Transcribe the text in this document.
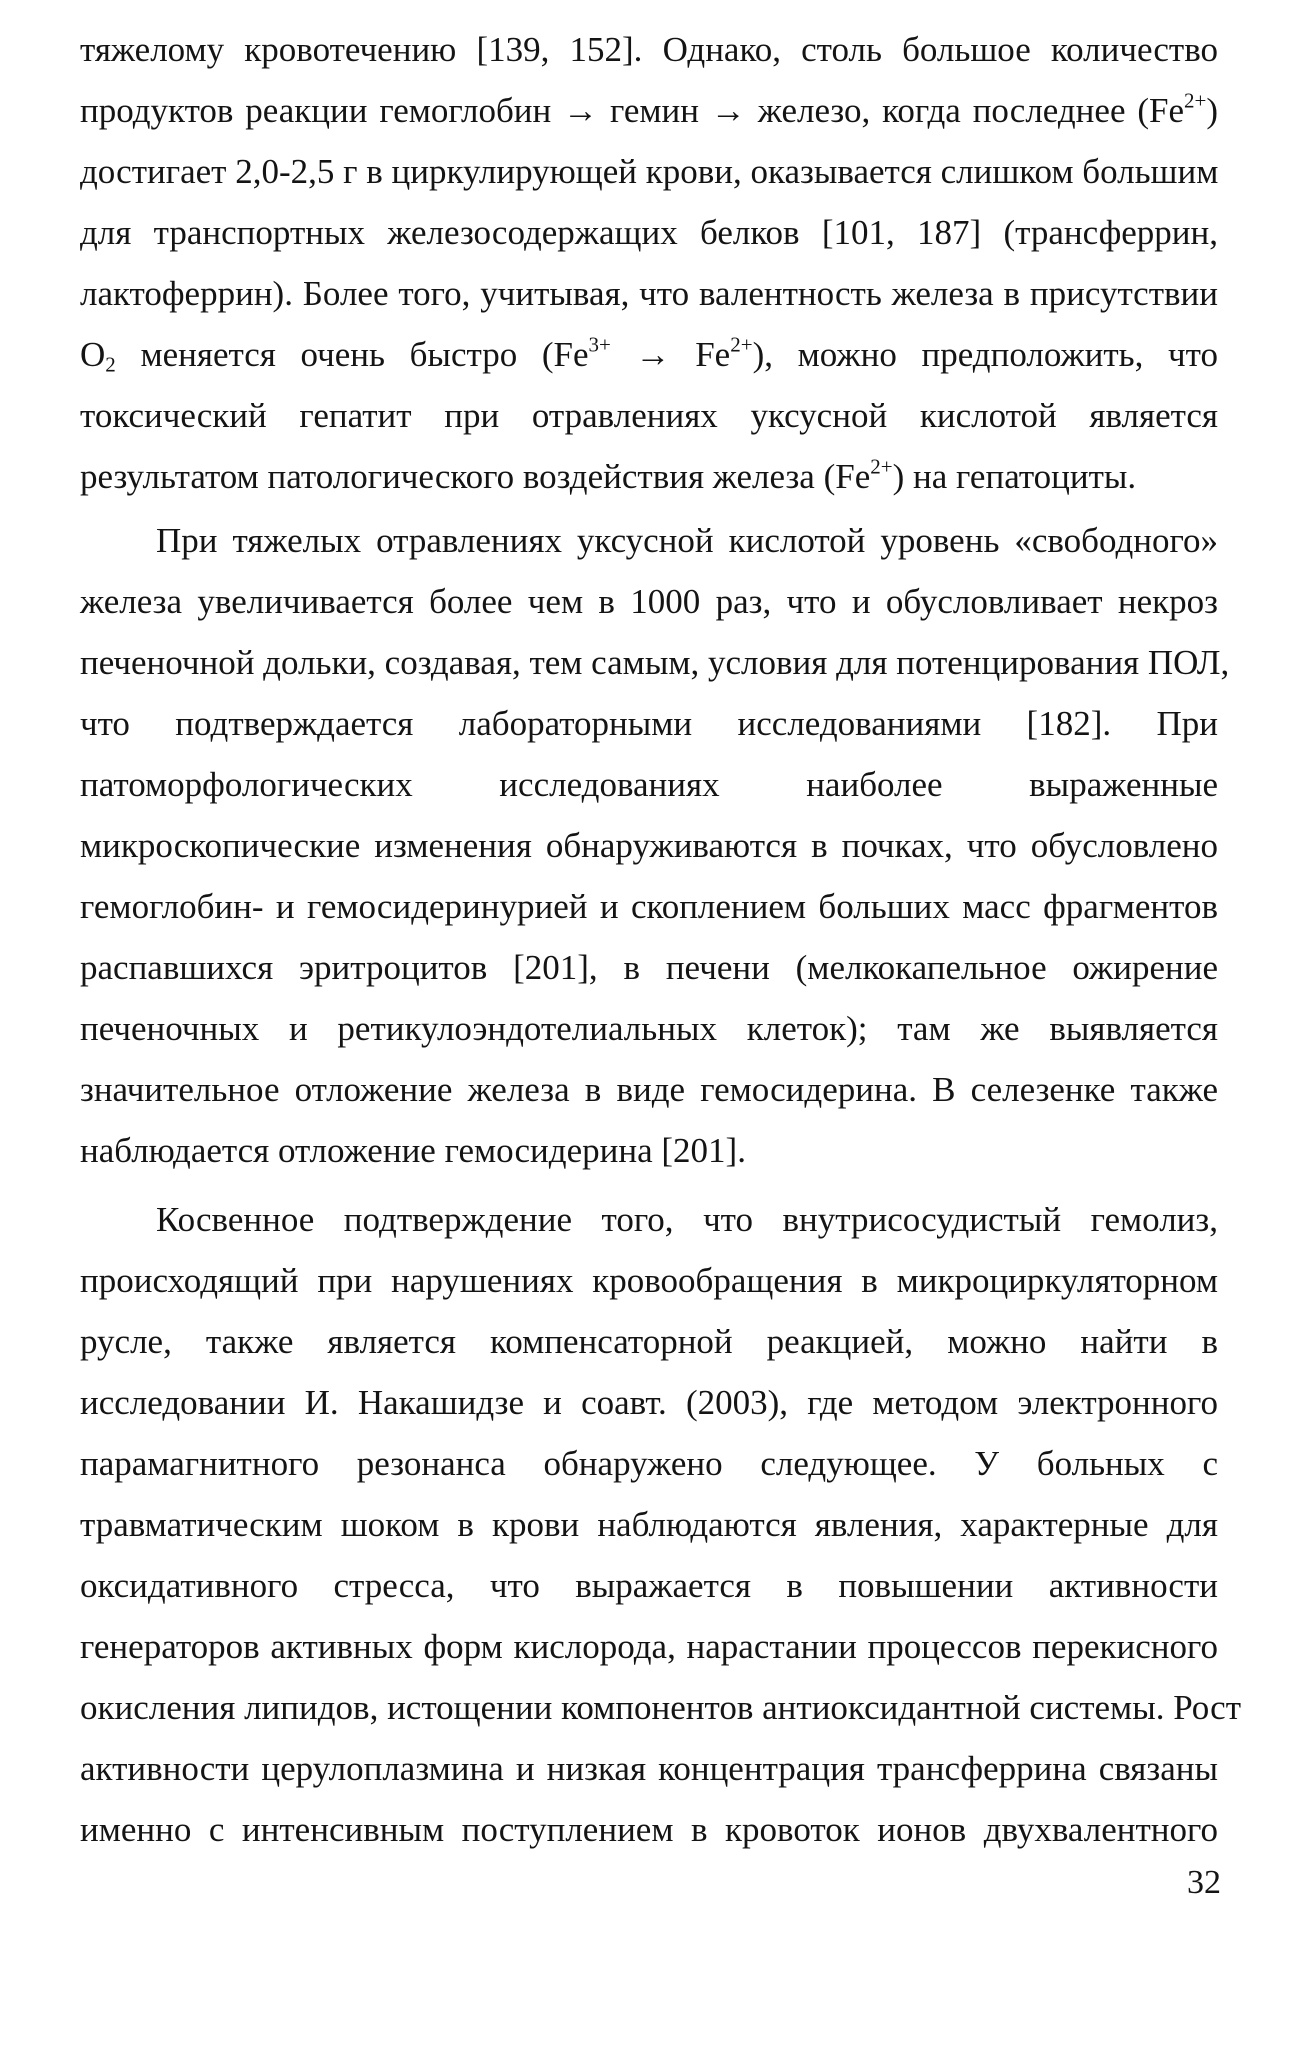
тяжелому кровотечению [139, 152]. Однако, столь большое количество
продуктов реакции гемоглобин → гемин → железо, когда последнее $(Fe^{2+})$
достигает 2,0-2,5 г в циркулирующей крови, оказывается слишком большим
для транспортных железосодержащих белков [101, 187] (трансферрин,
лактоферрин). Более того, учитывая, что валентность железа в присутствии
$O_2$ меняется очень быстро $(Fe^{3+} \to Fe^{2+})$, можно предположить, что
токсический гепатит при отравлениях уксусной кислотой является
результатом патологического воздействия железа $(Fe^{2+})$ на гепатоциты.
При тяжелых отравлениях уксусной кислотой уровень «свободного»
железа увеличивается более чем в 1000 раз, что и обусловливает некроз
печеночной дольки, создавая, тем самым, условия для потенцирования ПОЛ,
что подтверждается лабораторными исследованиями [182]. При
патоморфологических исследованиях наиболее выраженные
микроскопические изменения обнаруживаются в почках, что обусловлено
гемоглобин- и гемосидеринурией и скоплением больших масс фрагментов
распавшихся эритроцитов [201], в печени (мелкокапельное ожирение
печеночных и ретикулоэндотелиальных клеток); там же выявляется
значительное отложение железа в виде гемосидерина. В селезенке также
наблюдается отложение гемосидерина [201].
Косвенное подтверждение того, что внутрисосудистый гемолиз,
происходящий при нарушениях кровообращения в микроциркуляторном
русле, также является компенсаторной реакцией, можно найти в
исследовании И. Накашидзе и соавт. (2003), где методом электронного
парамагнитного резонанса обнаружено следующее. У больных с
травматическим шоком в крови наблюдаются явления, характерные для
оксидативного стресса, что выражается в повышении активности
генераторов активных форм кислорода, нарастании процессов перекисного
окисления липидов, истощении компонентов антиоксидантной системы. Рост
активности церулоплазмина и низкая концентрация трансферрина связаны
именно с интенсивным поступлением в кровоток ионов двухвалентного
32
